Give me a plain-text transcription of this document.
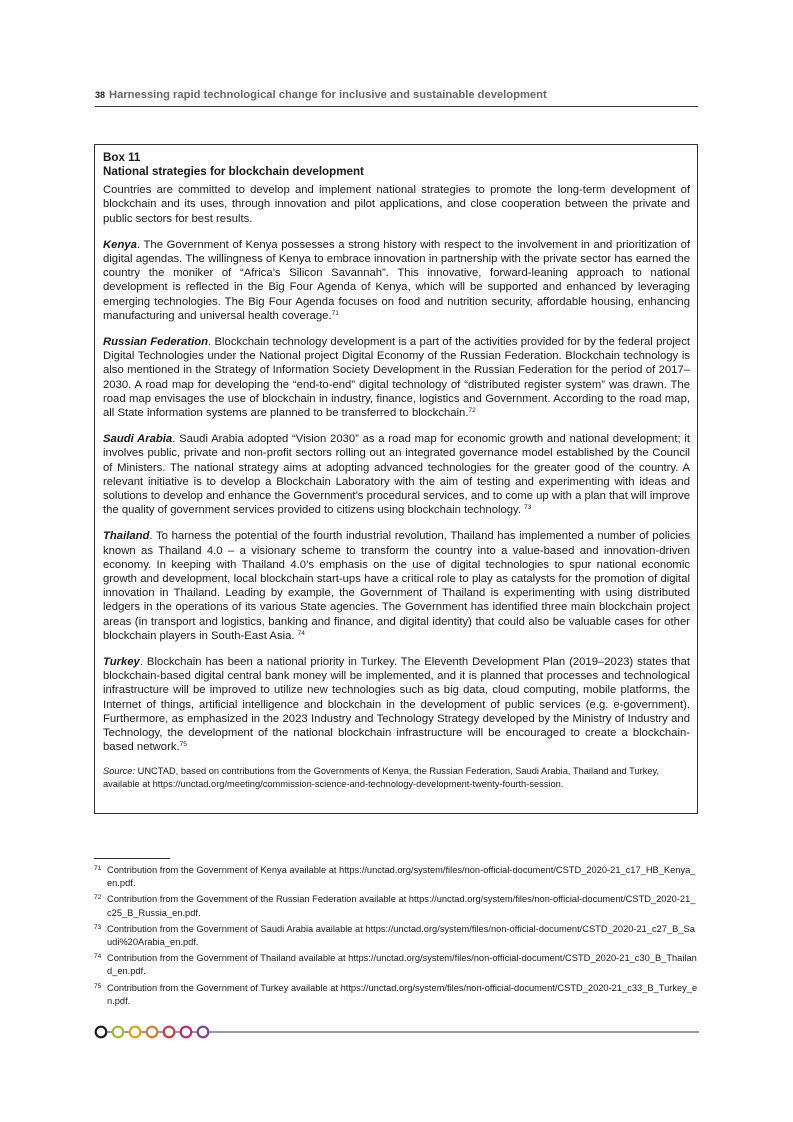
38 Harnessing rapid technological change for inclusive and sustainable development
Box 11
National strategies for blockchain development

Countries are committed to develop and implement national strategies to promote the long-term development of blockchain and its uses, through innovation and pilot applications, and close cooperation between the private and public sectors for best results.

Kenya. The Government of Kenya possesses a strong history with respect to the involvement in and prioritization of digital agendas. The willingness of Kenya to embrace innovation in partnership with the private sector has earned the country the moniker of “Africa’s Silicon Savannah”. This innovative, forward-leaning approach to national development is reflected in the Big Four Agenda of Kenya, which will be supported and enhanced by leveraging emerging technologies. The Big Four Agenda focuses on food and nutrition security, affordable housing, enhancing manufacturing and universal health coverage.$^{71}$

Russian Federation. Blockchain technology development is a part of the activities provided for by the federal project Digital Technologies under the National project Digital Economy of the Russian Federation. Blockchain technology is also mentioned in the Strategy of Information Society Development in the Russian Federation for the period of 2017–2030. A road map for developing the “end-to-end” digital technology of “distributed register system” was drawn. The road map envisages the use of blockchain in industry, finance, logistics and Government. According to the road map, all State information systems are planned to be transferred to blockchain.$^{72}$

Saudi Arabia. Saudi Arabia adopted “Vision 2030” as a road map for economic growth and national development; it involves public, private and non-profit sectors rolling out an integrated governance model established by the Council of Ministers. The national strategy aims at adopting advanced technologies for the greater good of the country. A relevant initiative is to develop a Blockchain Laboratory with the aim of testing and experimenting with ideas and solutions to develop and enhance the Government’s procedural services, and to come up with a plan that will improve the quality of government services provided to citizens using blockchain technology. $^{73}$

Thailand. To harness the potential of the fourth industrial revolution, Thailand has implemented a number of policies known as Thailand 4.0 – a visionary scheme to transform the country into a value-based and innovation-driven economy. In keeping with Thailand 4.0’s emphasis on the use of digital technologies to spur national economic growth and development, local blockchain start-ups have a critical role to play as catalysts for the promotion of digital innovation in Thailand. Leading by example, the Government of Thailand is experimenting with using distributed ledgers in the operations of its various State agencies. The Government has identified three main blockchain project areas (in transport and logistics, banking and finance, and digital identity) that could also be valuable cases for other blockchain players in South-East Asia. $^{74}$

Turkey. Blockchain has been a national priority in Turkey. The Eleventh Development Plan (2019–2023) states that blockchain-based digital central bank money will be implemented, and it is planned that processes and technological infrastructure will be improved to utilize new technologies such as big data, cloud computing, mobile platforms, the Internet of things, artificial intelligence and blockchain in the development of public services (e.g. e-government). Furthermore, as emphasized in the 2023 Industry and Technology Strategy developed by the Ministry of Industry and Technology, the development of the national blockchain infrastructure will be encouraged to create a blockchain-based network.$^{75}$

Source: UNCTAD, based on contributions from the Governments of Kenya, the Russian Federation, Saudi Arabia, Thailand and Turkey, available at https://unctad.org/meeting/commission-science-and-technology-development-twenty-fourth-session.

71 Contribution from the Government of Kenya available at https://unctad.org/system/files/non-official-document/CSTD_2020-21_c17_HB_Kenya_en.pdf.
72 Contribution from the Government of the Russian Federation available at https://unctad.org/system/files/non-official-document/CSTD_2020-21_c25_B_Russia_en.pdf.
73 Contribution from the Government of Saudi Arabia available at https://unctad.org/system/files/non-official-document/CSTD_2020-21_c27_B_Saudi%20Arabia_en.pdf.
74 Contribution from the Government of Thailand available at https://unctad.org/system/files/non-official-document/CSTD_2020-21_c30_B_Thailand_en.pdf.
75 Contribution from the Government of Turkey available at https://unctad.org/system/files/non-official-document/CSTD_2020-21_c33_B_Turkey_en.pdf.
